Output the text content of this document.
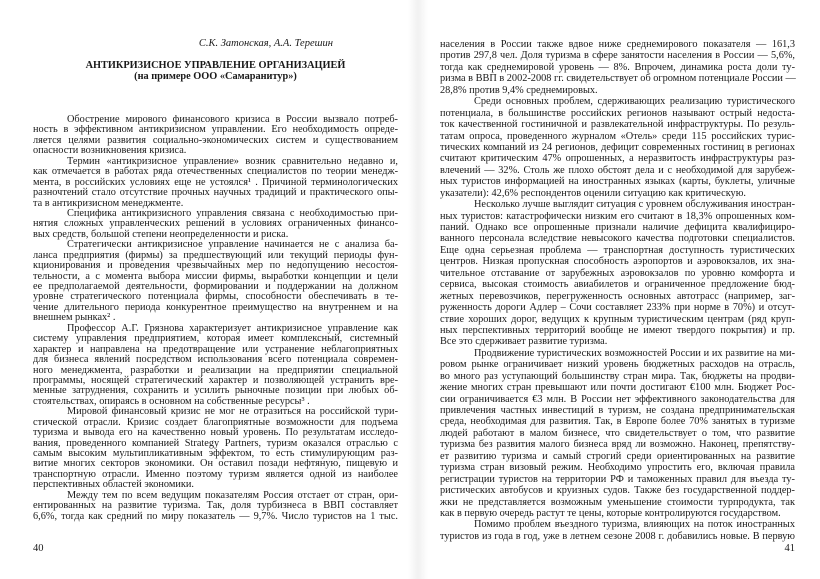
С.К. Затонская, А.А. Терешин
АНТИКРИЗИСНОЕ УПРАВЛЕНИЕ ОРГАНИЗАЦИЕЙ
(на примере ООО «Самаранитур»)
Обострение мирового финансового кризиса в России вызвало потреб-
ность в эффективном антикризисном управлении. Его необходимость опреде-
ляется целями развития социально-экономических систем и существованием
опасности возникновения кризиса.
Термин «антикризисное управление» возник сравнительно недавно и,
как отмечается в работах ряда отечественных специалистов по теории менедж-
мента, в российских условиях еще не устоялся¹ . Причиной терминологических
разночтений стало отсутствие прочных научных традиций и практического опы-
та в антикризисном менеджменте.
Специфика антикризисного управления связана с необходимостью при-
нятия сложных управленческих решений в условиях ограниченных финансо-
вых средств, большой степени неопределенности и риска.
Стратегически антикризисное управление начинается не с анализа ба-
ланса предприятия (фирмы) за предшествующий или текущий периоды фун-
кционирования и проведения чрезвычайных мер по недопущению несостоя-
тельности, а с момента выбора миссии фирмы, выработки концепции и цели
ее предполагаемой деятельности, формировании и поддержании на должном
уровне стратегического потенциала фирмы, способности обеспечивать в те-
чение длительного периода конкурентное преимущество на внутреннем и на
внешнем рынках² .
Профессор А.Г. Грязнова характеризует антикризисное управление как
систему управления предприятием, которая имеет комплексный, системный
характер и направлена на предотвращение или устранение неблагоприятных
для бизнеса явлений посредством использования всего потенциала современ-
ного менеджмента, разработки и реализации на предприятии специальной
программы, носящей стратегический характер и позволяющей устранить вре-
менные затруднения, сохранить и усилить рыночные позиции при любых об-
стоятельствах, опираясь в основном на собственные ресурсы³ .
Мировой финансовый кризис не мог не отразиться на российской тури-
стической отрасли. Кризис создает благоприятные возможности для подъема
туризма и вывода его на качественно новый уровень. По результатам исследо-
вания, проведенного компанией Strategy Partners, туризм оказался отраслью с
самым высоким мультипликативным эффектом, то есть стимулирующим раз-
витие многих секторов экономики. Он оставил позади нефтяную, пищевую и
транспортную отрасли. Именно поэтому туризм является одной из наиболее
перспективных областей экономики.
Между тем по всем ведущим показателям Россия отстает от стран, ори-
ентированных на развитие туризма. Так, доля турбизнеса в ВВП составляет
6,6%, тогда как средний по миру показатель — 9,7%. Число туристов на 1 тыс.
40
населения в России также вдвое ниже среднемирового показателя — 161,3
против 297,8 чел. Доля туризма в сфере занятости населения в России — 5,6%,
тогда как среднемировой уровень — 8%. Впрочем, динамика роста доли ту-
ризма в ВВП в 2002-2008 гг. свидетельствует об огромном потенциале России —
28,8% против 9,4% среднемировых.
Среди основных проблем, сдерживающих реализацию туристического
потенциала, в большинстве российских регионов называют острый недоста-
ток качественной гостиничной и развлекательной инфраструктуры. По резуль-
татам опроса, проведенного журналом «Отель» среди 115 российских турис-
тических компаний из 24 регионов, дефицит современных гостиниц в регионах
считают критическим 47% опрошенных, а неразвитость инфраструктуры раз-
влечений — 32%. Столь же плохо обстоят дела и с необходимой для зарубеж-
ных туристов информацией на иностранных языках (карты, буклеты, уличные
указатели): 42,6% респондентов оценили ситуацию как критическую.
Несколько лучше выглядит ситуация с уровнем обслуживания иностран-
ных туристов: катастрофически низким его считают в 18,3% опрошенных ком-
паний. Однако все опрошенные признали наличие дефицита квалифициро-
ванного персонала вследствие невысокого качества подготовки специалистов.
Еще одна серьезная проблема — транспортная доступность туристических
центров. Низкая пропускная способность аэропортов и аэровокзалов, их зна-
чительное отставание от зарубежных аэровокзалов по уровню комфорта и
сервиса, высокая стоимость авиабилетов и ограниченное предложение бюд-
жетных перевозчиков, перегруженность основных автотрасс (например, заг-
руженность дороги Адлер – Сочи составляет 233% при норме в 70%) и отсут-
ствие хороших дорог, ведущих к крупным туристическим центрам (ряд круп-
ных перспективных территорий вообще не имеют твердого покрытия) и пр.
Все это сдерживает развитие туризма.
Продвижение туристических возможностей России и их развитие на ми-
ровом рынке ограничивает низкий уровень бюджетных расходов на отрасль,
во много раз уступающий большинству стран мира. Так, бюджеты на продви-
жение многих стран превышают или почти достигают €100 млн. Бюджет Рос-
сии ограничивается €3 млн. В России нет эффективного законодательства для
привлечения частных инвестиций в туризм, не создана предпринимательская
среда, необходимая для развития. Так, в Европе более 70% занятых в туризме
людей работают в малом бизнесе, что свидетельствует о том, что развитие
туризма без развития малого бизнеса вряд ли возможно. Наконец, препятству-
ет развитию туризма и самый строгий среди ориентированных на развитие
туризма стран визовый режим. Необходимо упростить его, включая правила
регистрации туристов на территории РФ и таможенных правил для въезда ту-
ристических автобусов и круизных судов. Также без государственной поддер-
жки не представляется возможным уменьшение стоимости турпродукта, так
как в первую очередь растут те цены, которые контролируются государством.
Помимо проблем въездного туризма, влияющих на поток иностранных
туристов из года в год, уже в летнем сезоне 2008 г. добавились новые. В первую
41
